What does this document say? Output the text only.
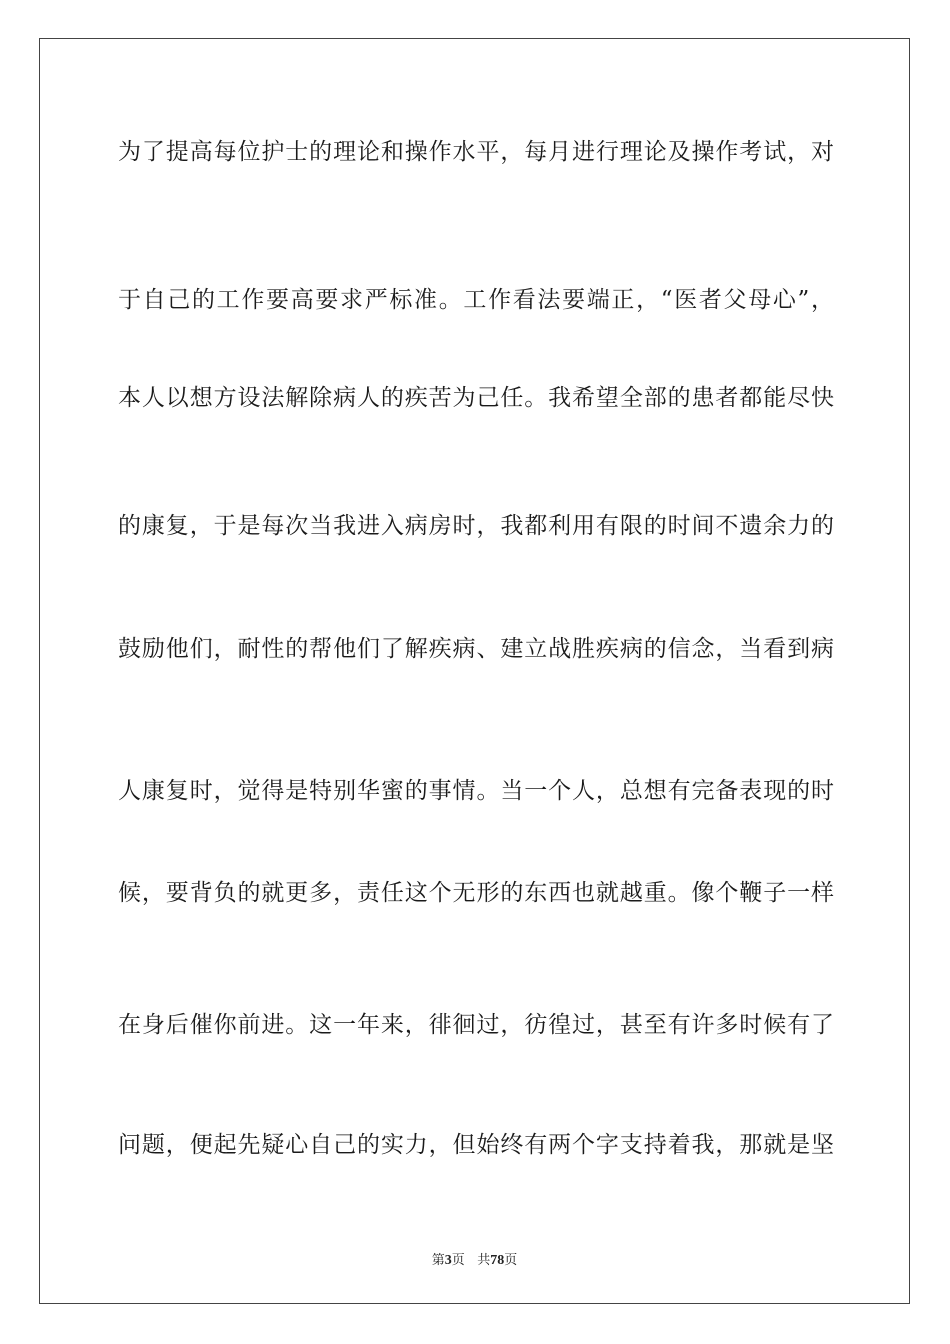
为了提高每位护士的理论和操作水平，每月进行理论及操作考试，对
于自己的工作要高要求严标准。工作看法要端正，“医者父母心”，
本人以想方设法解除病人的疾苦为己任。我希望全部的患者都能尽快
的康复，于是每次当我进入病房时，我都利用有限的时间不遗余力的
鼓励他们，耐性的帮他们了解疾病、建立战胜疾病的信念，当看到病
人康复时，觉得是特别华蜜的事情。当一个人，总想有完备表现的时
候，要背负的就更多，责任这个无形的东西也就越重。像个鞭子一样
在身后催你前进。这一年来，徘徊过，彷徨过，甚至有许多时候有了
问题，便起先疑心自己的实力，但始终有两个字支持着我，那就是坚
第3页 共78页
